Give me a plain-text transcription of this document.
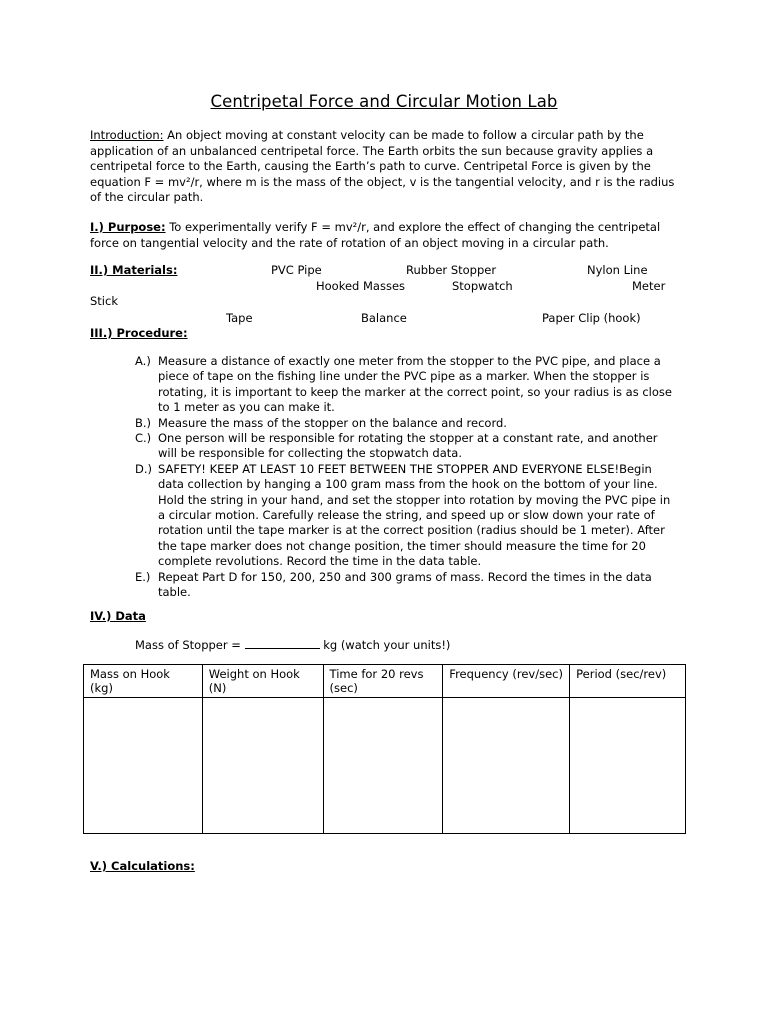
Centripetal Force and Circular Motion Lab

Introduction: An object moving at constant velocity can be made to follow a circular path by the application of an unbalanced centripetal force. The Earth orbits the sun because gravity applies a centripetal force to the Earth, causing the Earth’s path to curve. Centripetal Force is given by the equation F = mv²/r, where m is the mass of the object, v is the tangential velocity, and r is the radius of the circular path.

I.) Purpose: To experimentally verify F = mv²/r, and explore the effect of changing the centripetal force on tangential velocity and the rate of rotation of an object moving in a circular path.

II.) Materials:	PVC Pipe	Rubber Stopper	Nylon Line
Hooked Masses	Stopwatch	Meter
Stick
Tape	Balance	Paper Clip (hook)
III.) Procedure:
A.) Measure a distance of exactly one meter from the stopper to the PVC pipe, and place a piece of tape on the fishing line under the PVC pipe as a marker. When the stopper is rotating, it is important to keep the marker at the correct point, so your radius is as close to 1 meter as you can make it.
B.) Measure the mass of the stopper on the balance and record.
C.) One person will be responsible for rotating the stopper at a constant rate, and another will be responsible for collecting the stopwatch data.
D.) SAFETY! KEEP AT LEAST 10 FEET BETWEEN THE STOPPER AND EVERYONE ELSE!Begin data collection by hanging a 100 gram mass from the hook on the bottom of your line. Hold the string in your hand, and set the stopper into rotation by moving the PVC pipe in a circular motion. Carefully release the string, and speed up or slow down your rate of rotation until the tape marker is at the correct position (radius should be 1 meter). After the tape marker does not change position, the timer should measure the time for 20 complete revolutions. Record the time in the data table.
E.) Repeat Part D for 150, 200, 250 and 300 grams of mass. Record the times in the data table.
IV.) Data
Mass of Stopper =	kg (watch your units!)
Mass on Hook (kg)	Weight on Hook (N)	Time for 20 revs (sec)	Frequency (rev/sec)	Period (sec/rev)

V.) Calculations:
